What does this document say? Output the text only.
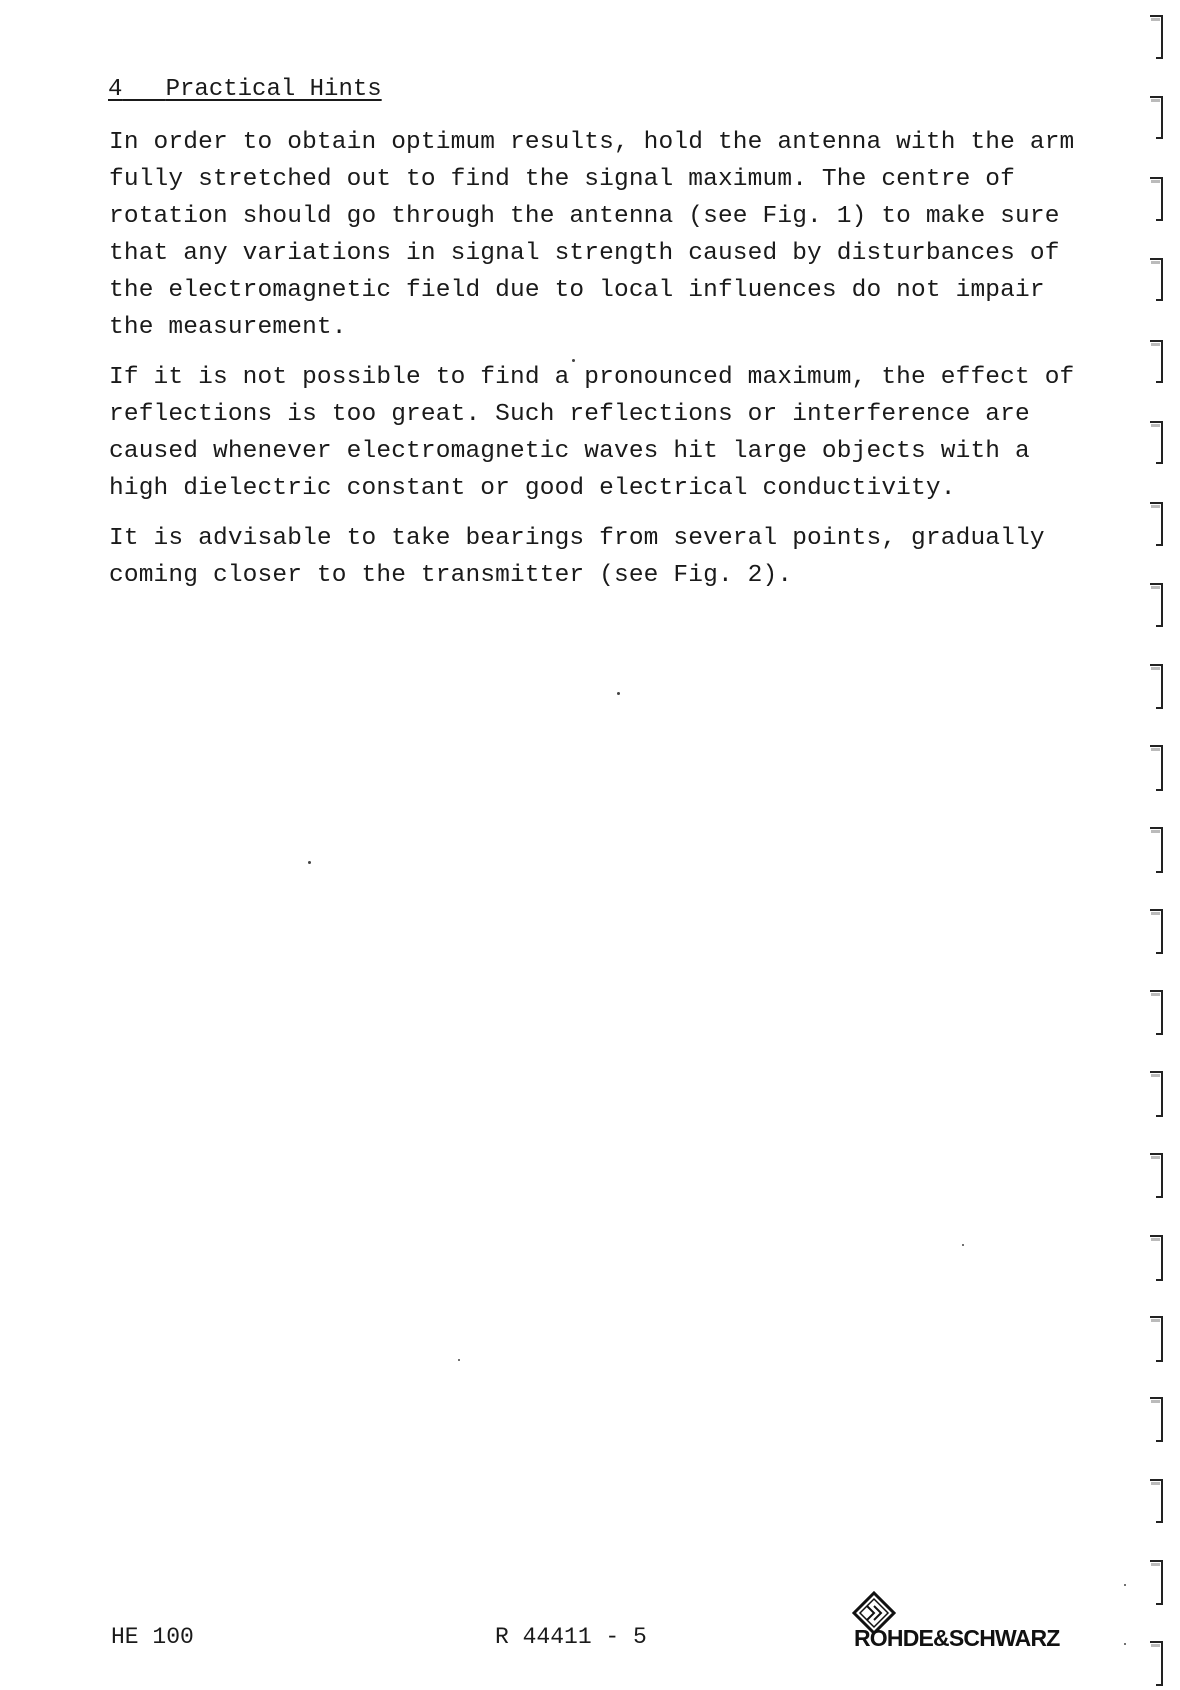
4 Practical Hints

In order to obtain optimum results, hold the antenna with the arm
fully stretched out to find the signal maximum. The centre of
rotation should go through the antenna (see Fig. 1) to make sure
that any variations in signal strength caused by disturbances of
the electromagnetic field due to local influences do not impair
the measurement.

If it is not possible to find a pronounced maximum, the effect of
reflections is too great. Such reflections or interference are
caused whenever electromagnetic waves hit large objects with a
high dielectric constant or good electrical conductivity.

It is advisable to take bearings from several points, gradually
coming closer to the transmitter (see Fig. 2).

HE 100	R 44411 - 5	ROHDE&SCHWARZ
